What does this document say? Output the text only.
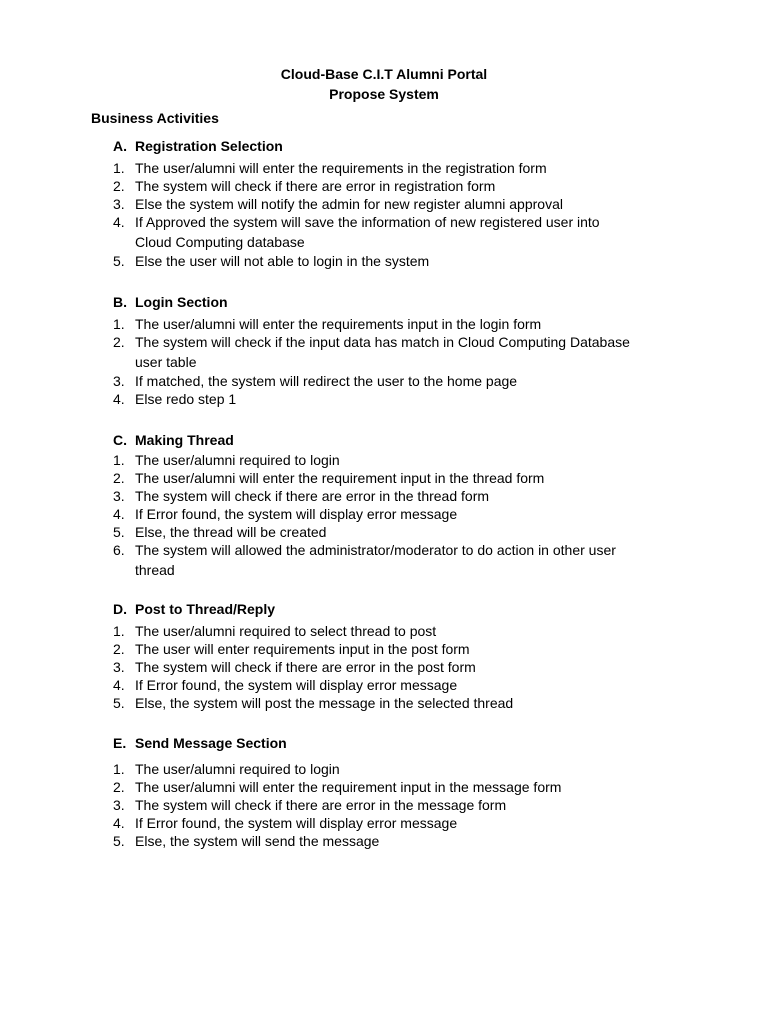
Cloud-Base C.I.T Alumni Portal
Propose System
Business Activities
A. Registration Selection
1. The user/alumni will enter the requirements in the registration form
2. The system will check if there are error in registration form
3. Else the system will notify the admin for new register alumni approval
4. If Approved the system will save the information of new registered user into
Cloud Computing database
5. Else the user will not able to login in the system
B. Login Section
1. The user/alumni will enter the requirements input in the login form
2. The system will check if the input data has match in Cloud Computing Database
user table
3. If matched, the system will redirect the user to the home page
4. Else redo step 1
C. Making Thread
1. The user/alumni required to login
2. The user/alumni will enter the requirement input in the thread form
3. The system will check if there are error in the thread form
4. If Error found, the system will display error message
5. Else, the thread will be created
6. The system will allowed the administrator/moderator to do action in other user
thread
D. Post to Thread/Reply
1. The user/alumni required to select thread to post
2. The user will enter requirements input in the post form
3. The system will check if there are error in the post form
4. If Error found, the system will display error message
5. Else, the system will post the message in the selected thread
E. Send Message Section
1. The user/alumni required to login
2. The user/alumni will enter the requirement input in the message form
3. The system will check if there are error in the message form
4. If Error found, the system will display error message
5. Else, the system will send the message
